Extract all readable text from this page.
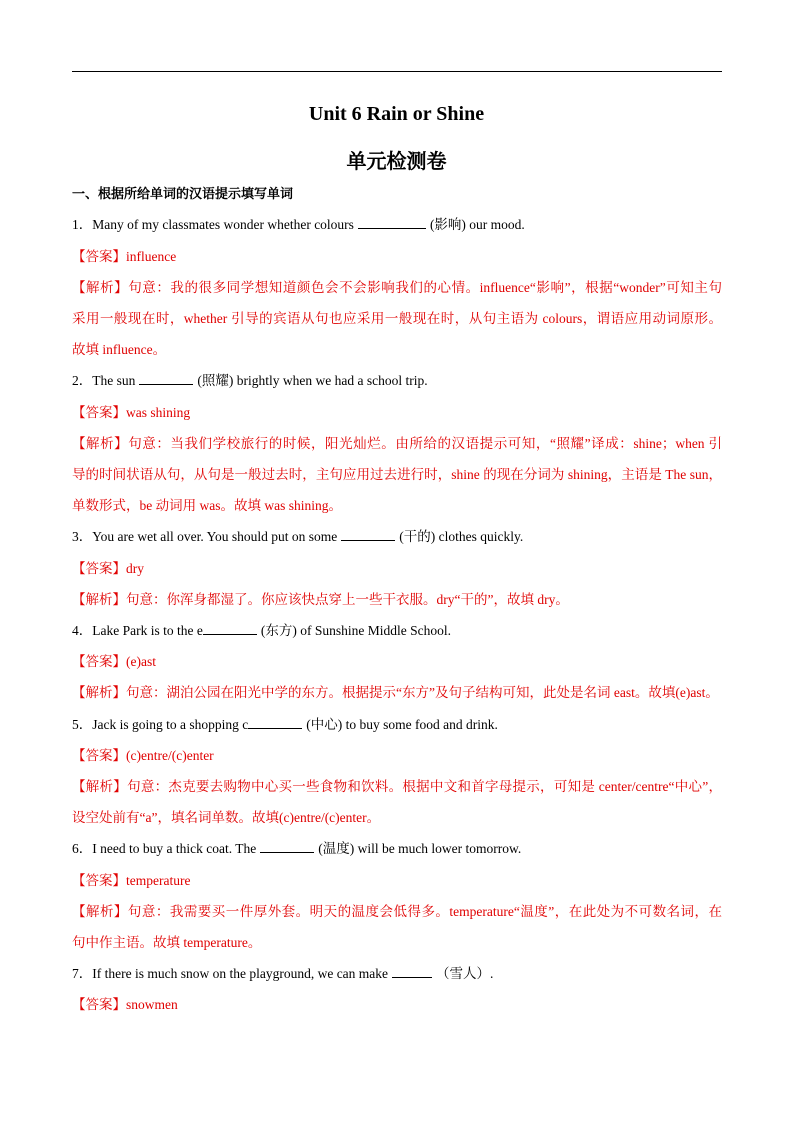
Unit 6 Rain or Shine
单元检测卷
一、根据所给单词的汉语提示填写单词
1．Many of my classmates wonder whether colours	(影响) our mood.
【答案】influence
【解析】句意：我的很多同学想知道颜色会不会影响我们的心情。influence“影响”，根据“wonder”可知主句
采用一般现在时，whether 引导的宾语从句也应采用一般现在时，从句主语为 colours，谓语应用动词原形。
故填 influence。
2．The sun	(照耀) brightly when we had a school trip.
【答案】was shining
【解析】句意：当我们学校旅行的时候，阳光灿烂。由所给的汉语提示可知，“照耀”译成：shine；when 引
导的时间状语从句，从句是一般过去时，主句应用过去进行时，shine 的现在分词为 shining，主语是 The sun，
单数形式，be 动词用 was。故填 was shining。
3．You are wet all over. You should put on some	(干的) clothes quickly.
【答案】dry
【解析】句意：你浑身都湿了。你应该快点穿上一些干衣服。dry“干的”，故填 dry。
4．Lake Park is to the e	(东方) of Sunshine Middle School.
【答案】(e)ast
【解析】句意：湖泊公园在阳光中学的东方。根据提示“东方”及句子结构可知，此处是名词 east。故填(e)ast。
5．Jack is going to a shopping c	(中心) to buy some food and drink.
【答案】(c)entre/(c)enter
【解析】句意：杰克要去购物中心买一些食物和饮料。根据中文和首字母提示，可知是 center/centre“中心”，
设空处前有“a”，填名词单数。故填(c)entre/(c)enter。
6．I need to buy a thick coat. The	(温度) will be much lower tomorrow.
【答案】temperature
【解析】句意：我需要买一件厚外套。明天的温度会低得多。temperature“温度”，在此处为不可数名词，在
句中作主语。故填 temperature。
7．If there is much snow on the playground, we can make	（雪人）.
【答案】snowmen
